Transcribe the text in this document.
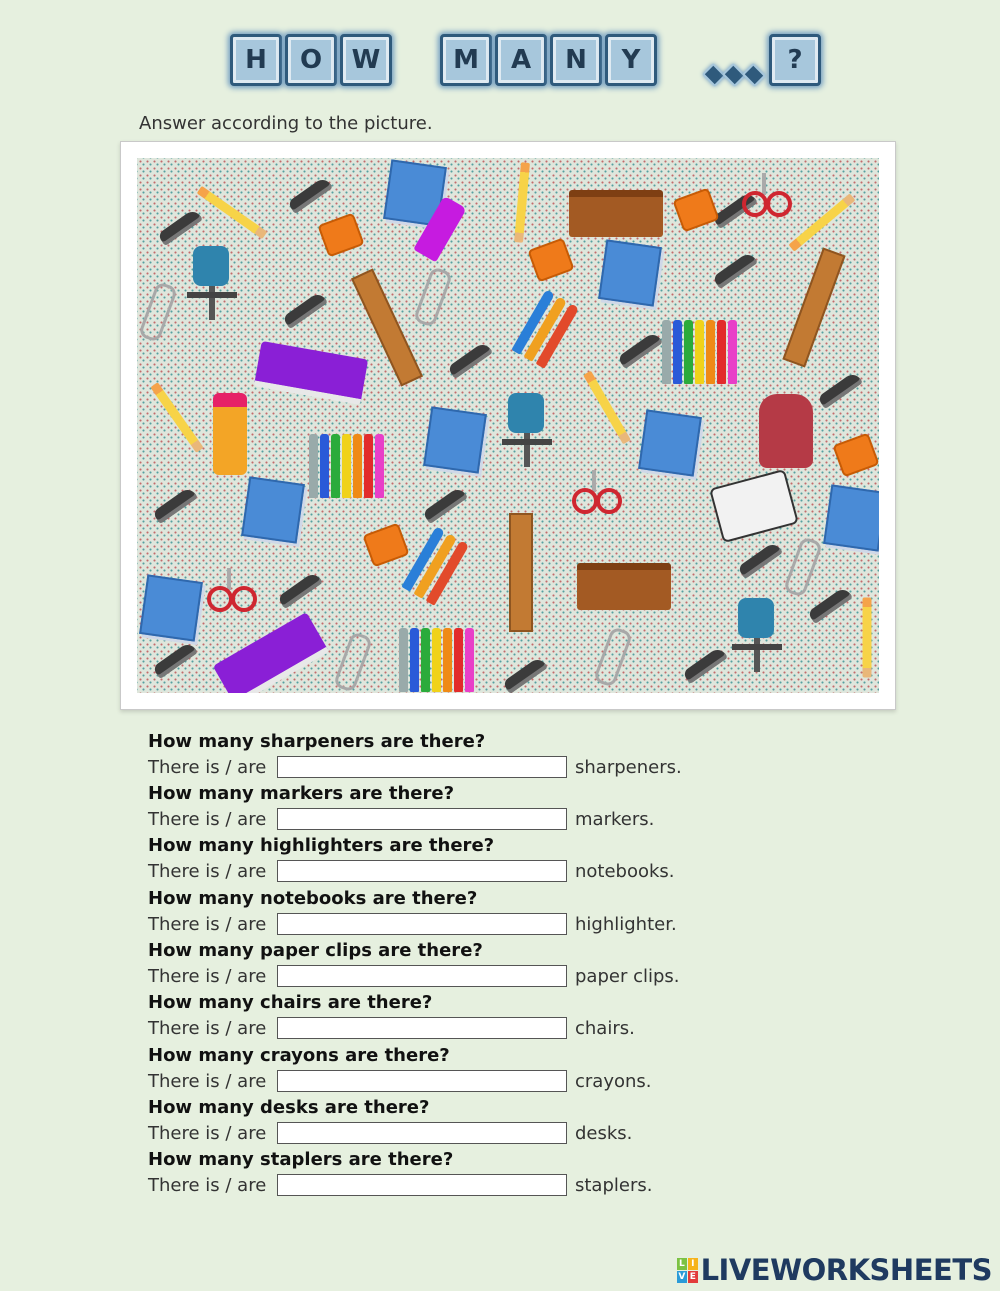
H	O	W	M	A	N	Y	?
Answer according to the picture.
How many sharpeners are there?
There is / are	sharpeners.
How many markers are there?
There is / are	markers.
How many highlighters are there?
There is / are	notebooks.
How many notebooks are there?
There is / are	highlighter.
How many paper clips are there?
There is / are	paper clips.
How many chairs are there?
There is / are	chairs.
How many crayons are there?
There is / are	crayons.
How many desks are there?
There is / are	desks.
How many staplers are there?
There is / are	staplers.
L I
V E LIVEWORKSHEETS
